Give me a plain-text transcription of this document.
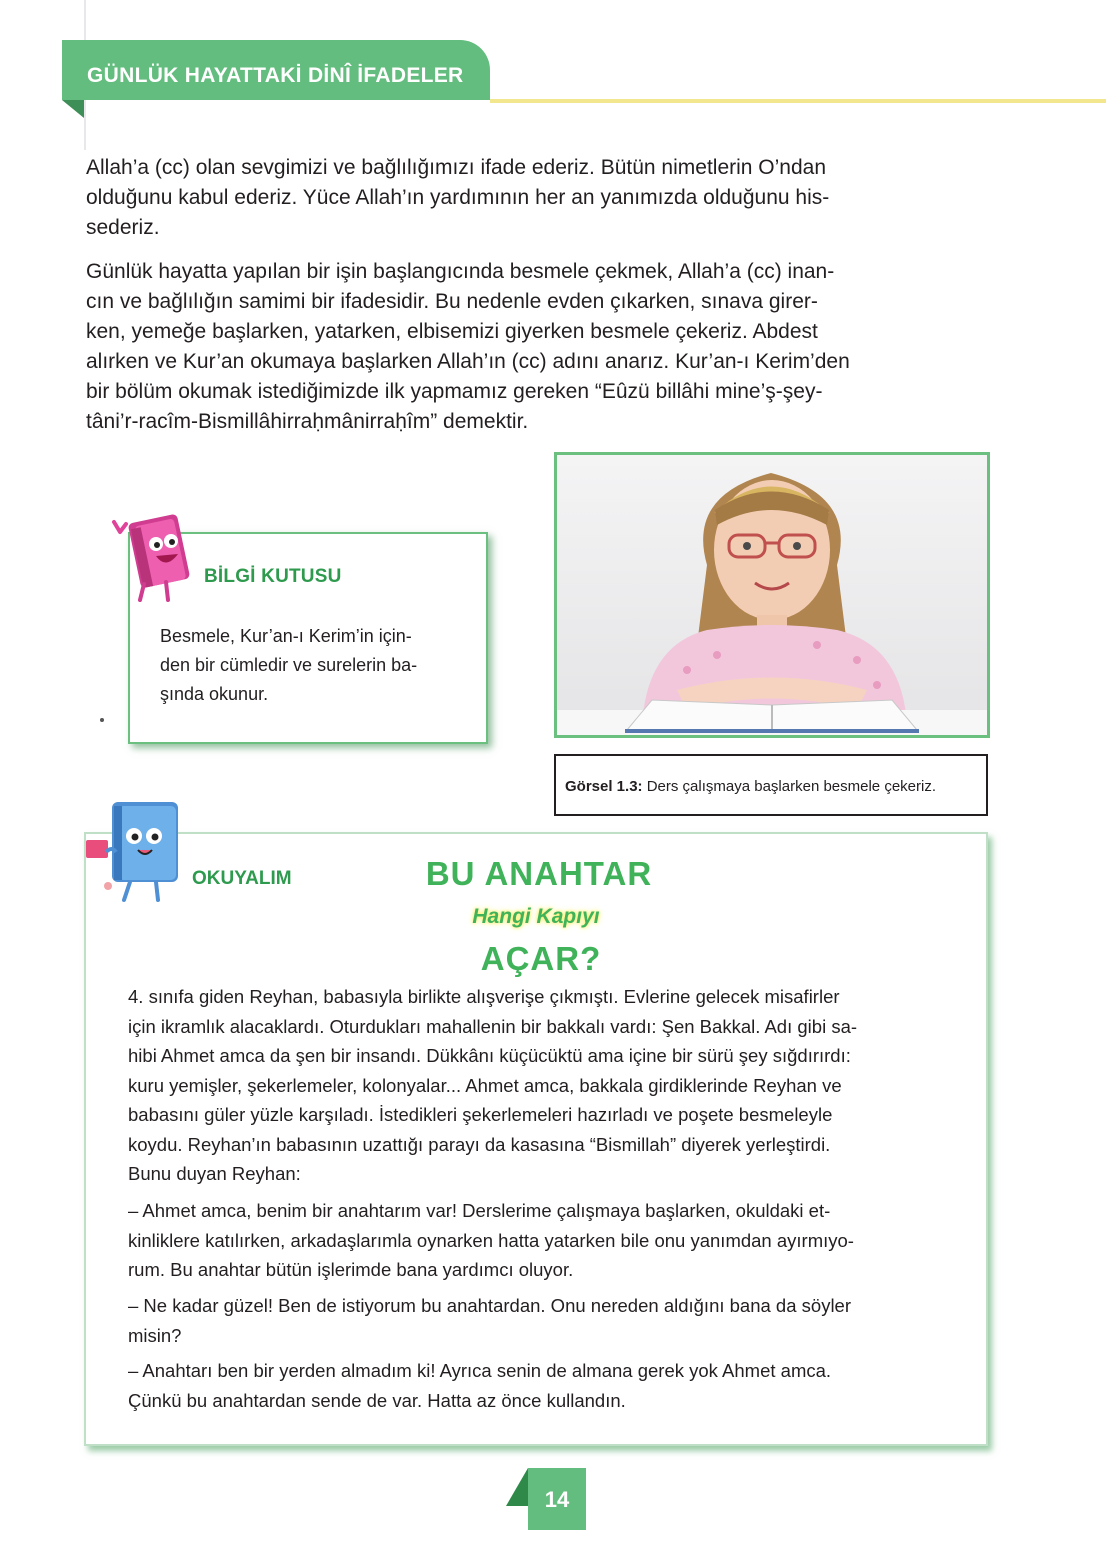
GÜNLÜK HAYATTAKİ DİNÎ İFADELER

Allah’a (cc) olan sevgimizi ve bağlılığımızı ifade ederiz. Bütün nimetlerin O’ndan
olduğunu kabul ederiz. Yüce Allah’ın yardımının her an yanımızda olduğunu his-
sederiz.

Günlük hayatta yapılan bir işin başlangıcında besmele çekmek, Allah’a (cc) inan-
cın ve bağlılığın samimi bir ifadesidir. Bu nedenle evden çıkarken, sınava girer-
ken, yemeğe başlarken, yatarken, elbisemizi giyerken besmele çekeriz. Abdest
alırken ve Kur’an okumaya başlarken Allah’ın (cc) adını anarız. Kur’an-ı Kerim’den
bir bölüm okumak istediğimizde ilk yapmamız gereken “Eûzü billâhi mine’ş-şey-
tâni’r-racîm-Bismillâhirraḥmânirraḥîm” demektir.

BİLGİ KUTUSU

Besmele, Kur’an-ı Kerim’in için-
den bir cümledir ve surelerin ba-
şında okunur.

Görsel 1.3: Ders çalışmaya başlarken besmele çekeriz.
OKUYALIM	BU ANAHTAR
Hangi Kapıyı
AÇAR?

4. sınıfa giden Reyhan, babasıyla birlikte alışverişe çıkmıştı. Evlerine gelecek misafirler
için ikramlık alacaklardı. Oturdukları mahallenin bir bakkalı vardı: Şen Bakkal. Adı gibi sa-
hibi Ahmet amca da şen bir insandı. Dükkânı küçücüktü ama içine bir sürü şey sığdırırdı:
kuru yemişler, şekerlemeler, kolonyalar... Ahmet amca, bakkala girdiklerinde Reyhan ve
babasını güler yüzle karşıladı. İstedikleri şekerlemeleri hazırladı ve poşete besmeleyle
koydu. Reyhan’ın babasının uzattığı parayı da kasasına “Bismillah” diyerek yerleştirdi.
Bunu duyan Reyhan:

– Ahmet amca, benim bir anahtarım var! Derslerime çalışmaya başlarken, okuldaki et-
kinliklere katılırken, arkadaşlarımla oynarken hatta yatarken bile onu yanımdan ayırmıyo-
rum. Bu anahtar bütün işlerimde bana yardımcı oluyor.

– Ne kadar güzel! Ben de istiyorum bu anahtardan. Onu nereden aldığını bana da söyler
misin?

– Anahtarı ben bir yerden almadım ki! Ayrıca senin de almana gerek yok Ahmet amca.
Çünkü bu anahtardan sende de var. Hatta az önce kullandın.

14
